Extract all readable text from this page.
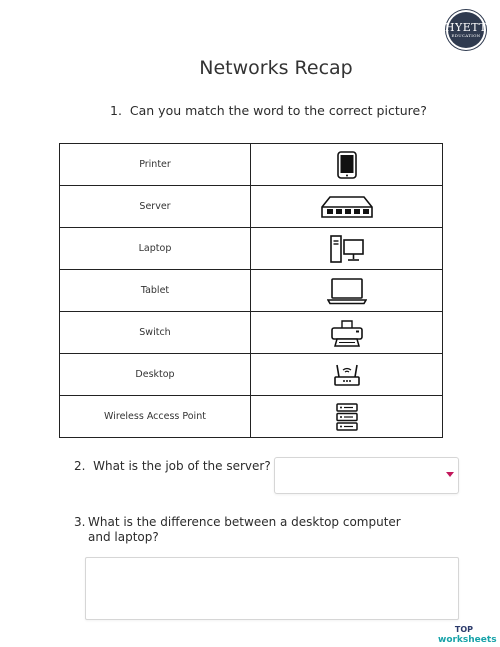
HYETT
EDUCATION
Networks Recap
1. Can you match the word to the correct picture?
Printer	

Server	

Laptop	

Tablet	

Switch	

Desktop	

Wireless Access Point	
2. What is the job of the server?
3. What is the difference between a desktop computer and laptop?
TOP
worksheets
